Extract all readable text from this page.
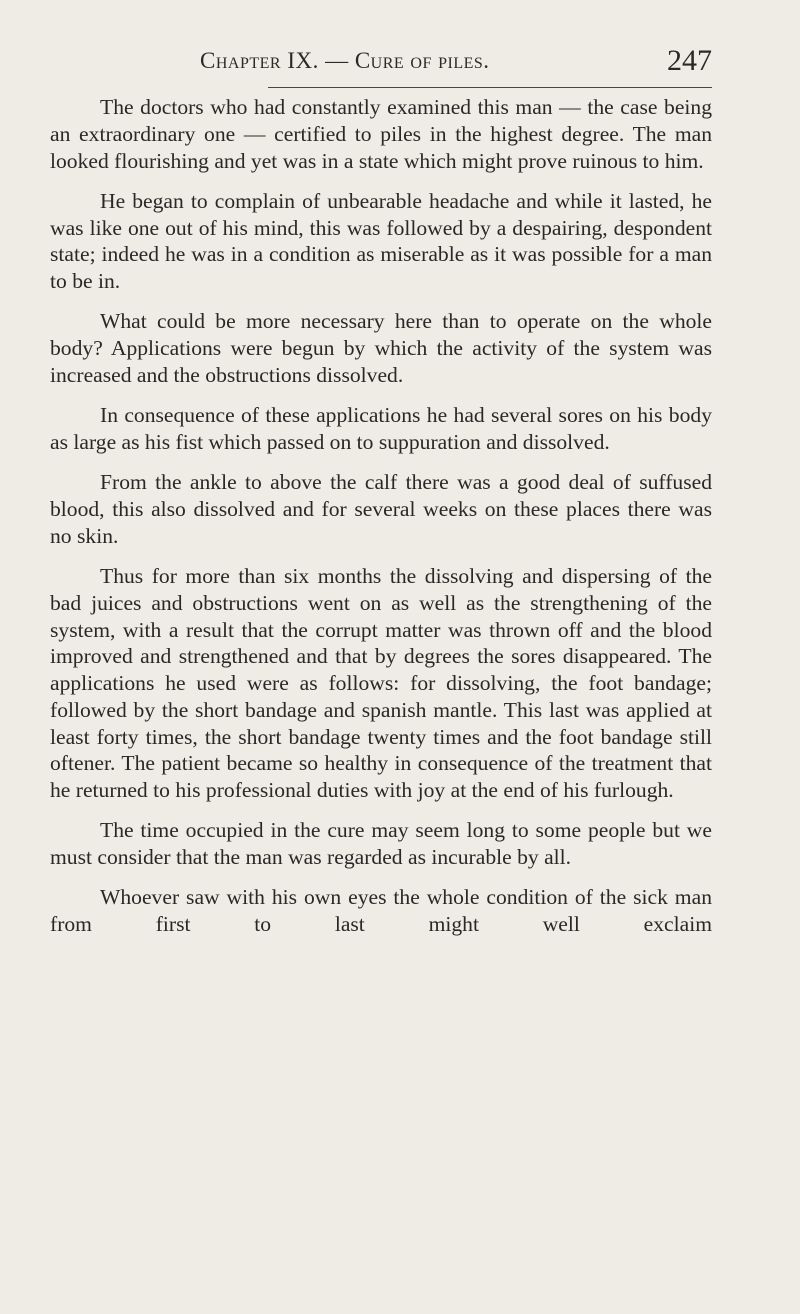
Chapter IX. — Cure of piles.	247

The doctors who had constantly examined this man — the case being an extraordinary one — certified to piles in the highest degree. The man looked flourishing and yet was in a state which might prove ruinous to him.

He began to complain of unbearable headache and while it lasted, he was like one out of his mind, this was followed by a despairing, despondent state; indeed he was in a condition as miserable as it was possible for a man to be in.

What could be more necessary here than to operate on the whole body? Applications were begun by which the activity of the system was increased and the obstructions dissolved.

In consequence of these applications he had several sores on his body as large as his fist which passed on to suppuration and dissolved.

From the ankle to above the calf there was a good deal of suffused blood, this also dissolved and for several weeks on these places there was no skin.

Thus for more than six months the dissolving and dispersing of the bad juices and obstructions went on as well as the strengthening of the system, with a result that the corrupt matter was thrown off and the blood improved and strengthened and that by degrees the sores disappeared. The applications he used were as follows: for dissolving, the foot bandage; followed by the short bandage and spanish mantle. This last was applied at least forty times, the short bandage twenty times and the foot bandage still oftener. The patient became so healthy in consequence of the treatment that he returned to his professional duties with joy at the end of his furlough.

The time occupied in the cure may seem long to some people but we must consider that the man was regarded as incurable by all.

Whoever saw with his own eyes the whole condition of the sick man from first to last might well exclaim
